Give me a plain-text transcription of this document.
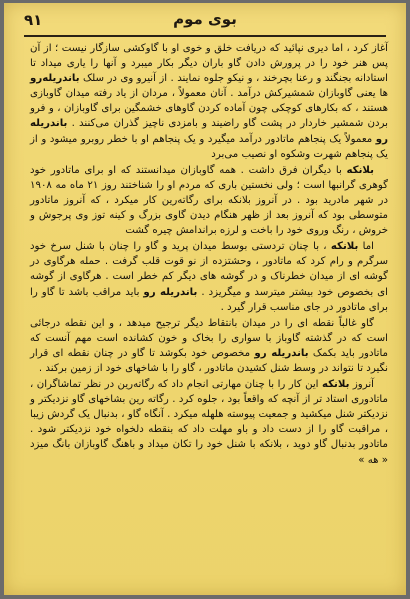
٩١	بوی موم

آغاز کرد ، اما دیری نپائید که دریافت خلق و خوی او با گاوکشی سازگار نیست ؛ از آن پس هنر خود را در پرورش دادن گاو باران دیگر بکار میبرد و آنها را یاری میداد تا استادانه بجنگند و رعنا بچرخند ، و نیکو جلوه نمایند . از آنیرو وی در سلک باندریله‌رو ها یعنی گاوبازان شمشیرکش درآمد . آنان معمولاً ، مردان از یاد رفته میدان گاوبازی هستند ، که بکارهای کوچکی چون آماده کردن گاوهای خشمگین برای گاوبازان ، و فرو بردن شمشیر خاردار در پشت گاو راضیند و بامزدی ناچیز گذران می‌کنند . باندریله رو معمولاً یک پنجاهم ماتادور درآمد میگیرد و یک پنجاهم او با خطر روبرو میشود و از یک پنجاهم شهرت وشکوه او نصیب می‌برد

بلانکه با دیگران فرق داشت . همه گاوبازان میدانستند که او برای ماتادور خود گوهری گرانبها است ؛ ولی نخستین باری که مردم او را شناختند روز ۲۱ ماه مه ۱۹۰۸ در شهر مادرید بود . در آنروز بلانکه برای رگاته‌رین کار میکرد ، که آنروز ماتادور متوسطی بود که آنروز بعد از ظهر هنگام دیدن گاوی بزرگ و کینه توز وی پرجوش و خروش ، رنگ وروی خود را باخت و لرزه براندامش چیره گشت

اما بلانکه ، با چنان تردستی بوسط میدان پرید و گاو را چنان با شنل سرخ خود سرگرم و رام کرد که ماتادور ، وحشتزده از نو قوت قلب گرفت . حمله هرگاوی در گوشه ای از میدان خطرناک و در گوشه های دیگر کم خطر است . هرگاوی از گوشه ای بخصوص خود بیشتر میترسد و میگریزد . باندریله رو باید مراقب باشد تا گاو را برای ماتادور در جای مناسب قرار گیرد .

گاو غالباً نقطه ای را در میدان بانتقاط دیگر ترجیح میدهد ، و این نقطه درجائی است که در گذشته گاوباز با سواری را بخاک و خون کشانده است مهم آنست که ماتادور باید بکمک باندریله رو مخصوص خود بکوشد تا گاو در چنان نقطه ای قرار نگیرد تا نتواند در وسط شنل کشیدن ماتادور ، گاو را با شاخهای خود از زمین برکند .

آنروز بلانکه این کار را با چنان مهارتی انجام داد که رگاته‌رین در نظر تماشاگران ، ماتادوری استاد تر از آنچه که واقعاً بود ، جلوه کرد . رگاته رین بشاخهای گاو نزدیکتر و نزدیکتر شنل میکشید و جمعیت پیوسته هلهله میکرد . آنگاه گاو ، بدنبال یک گردش زیبا ، مراقبت گاو را از دست داد و باو مهلت داد که بنقطه دلخواه خود نزدیکتر شود . ماتادور بدنبال گاو دوید ، بلانکه با شنل خود را تکان میداد و باهنگ گاوبازان بانگ میزد « هه »
